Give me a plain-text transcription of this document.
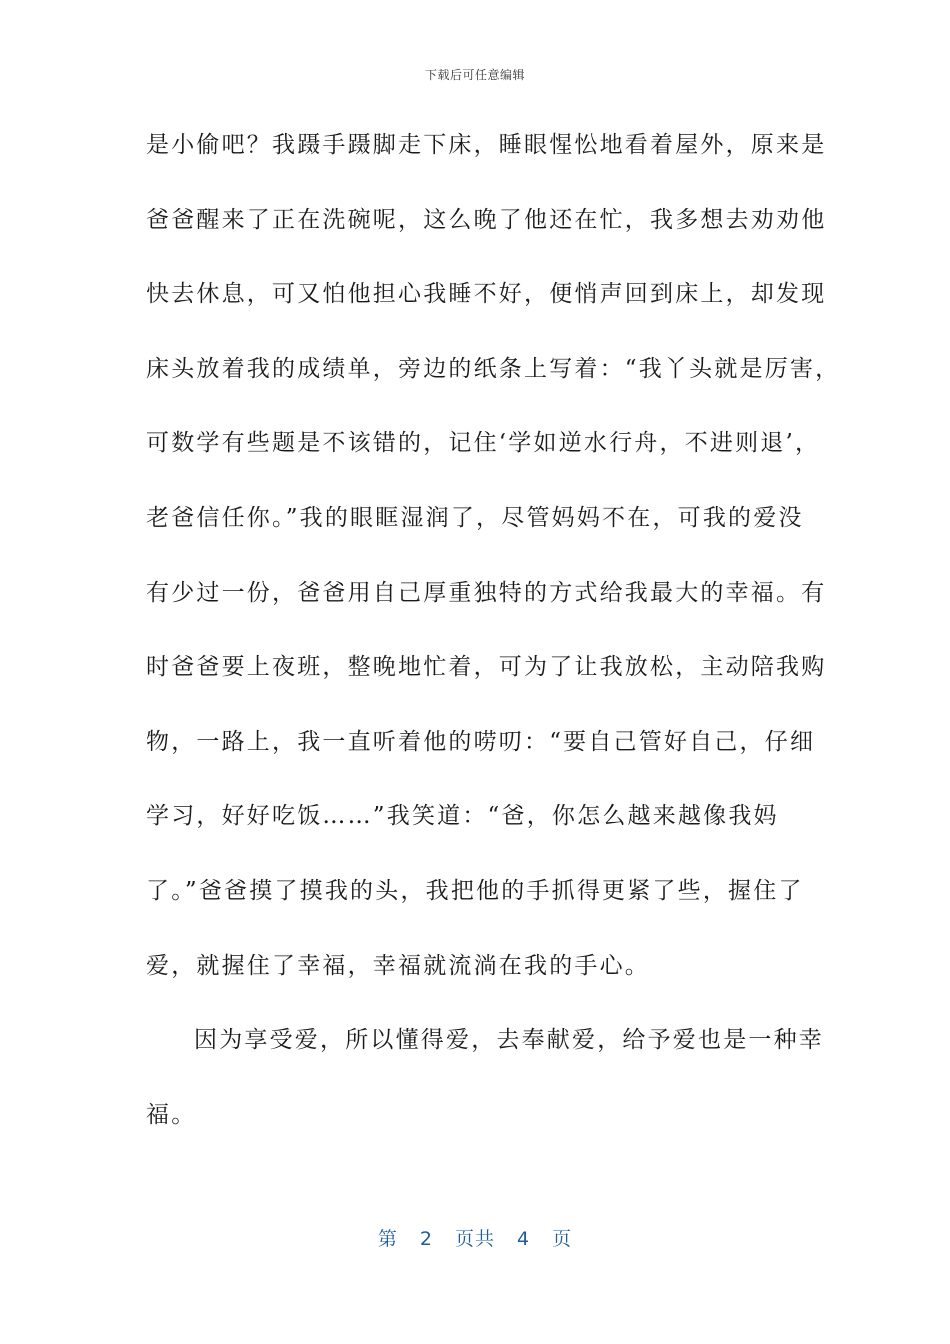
下载后可任意编辑
是小偷吧？我蹑手蹑脚走下床，睡眼惺忪地看着屋外，原来是
爸爸醒来了正在洗碗呢，这么晚了他还在忙，我多想去劝劝他
快去休息，可又怕他担心我睡不好，便悄声回到床上，却发现
床头放着我的成绩单，旁边的纸条上写着：“我丫头就是厉害，
可数学有些题是不该错的，记住‘学如逆水行舟，不进则退’，
老爸信任你。”我的眼眶湿润了，尽管妈妈不在，可我的爱没
有少过一份，爸爸用自己厚重独特的方式给我最大的幸福。有
时爸爸要上夜班，整晚地忙着，可为了让我放松，主动陪我购
物，一路上，我一直听着他的唠叨：“要自己管好自己，仔细
学习，好好吃饭……”我笑道：“爸，你怎么越来越像我妈
了。”爸爸摸了摸我的头，我把他的手抓得更紧了些，握住了
爱，就握住了幸福，幸福就流淌在我的手心。
因为享受爱，所以懂得爱，去奉献爱，给予爱也是一种幸
福。
第 2 页共 4 页
